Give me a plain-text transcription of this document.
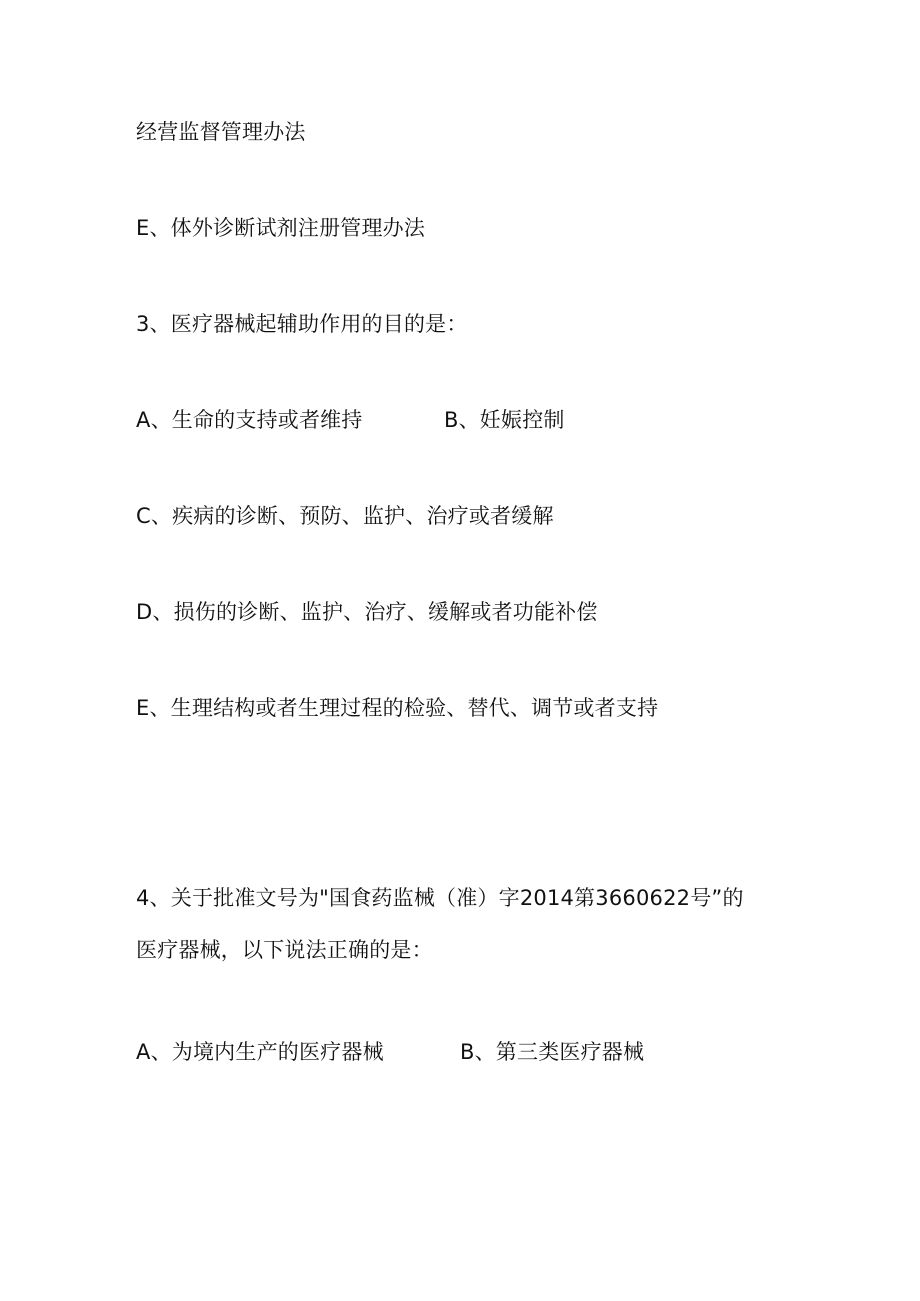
经营监督管理办法
E、体外诊断试剂注册管理办法
3、医疗器械起辅助作用的目的是：
A、生命的支持或者维持	B、妊娠控制
C、疾病的诊断、预防、监护、治疗或者缓解
D、损伤的诊断、监护、治疗、缓解或者功能补偿
E、生理结构或者生理过程的检验、替代、调节或者支持
4、关于批准文号为"国食药监械（准）字2014第3660622号”的
医疗器械，以下说法正确的是：
A、为境内生产的医疗器械	B、第三类医疗器械
